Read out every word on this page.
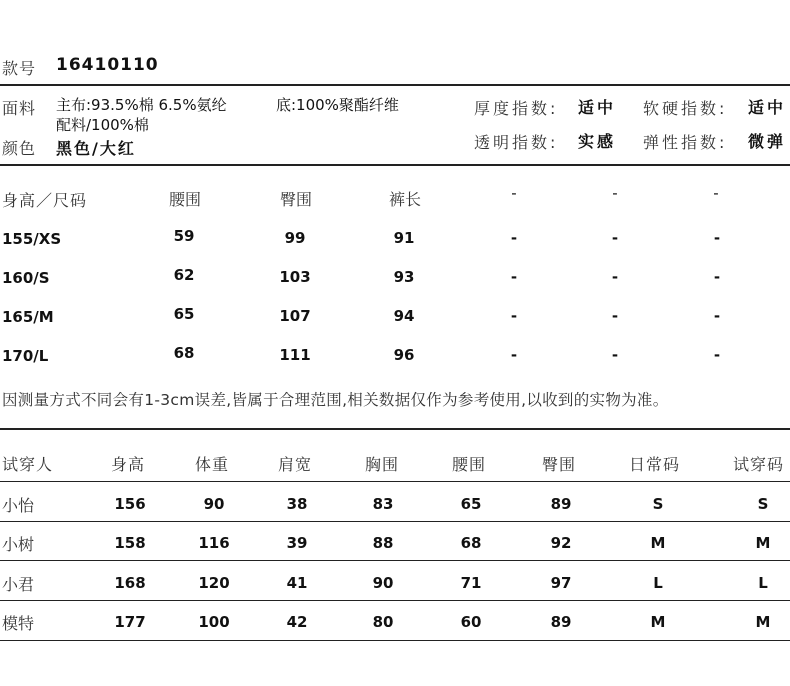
款号 16410110
面料 主布:93.5%棉 6.5%氨纶	底:100%聚酯纤维
配料/100%棉
颜色 黑色/大红
厚度指数: 适中 软硬指数: 适中
透明指数: 实感 弹性指数: 微弹
身高／尺码	腰围	臀围	裤长	-	-	-
155/XS	59	99	91	-	-	-
160/S	62	103	93	-	-	-
165/M	65	107	94	-	-	-
170/L	68	111	96	-	-	-
因测量方式不同会有1-3cm误差,皆属于合理范围,相关数据仅作为参考使用,以收到的实物为准。
试穿人	身高	体重	肩宽	胸围	腰围	臀围	日常码	试穿码
小怡	156	90	38	83	65	89	S	S
小树	158	116	39	88	68	92	M	M
小君	168	120	41	90	71	97	L	L
模特	177	100	42	80	60	89	M	M
